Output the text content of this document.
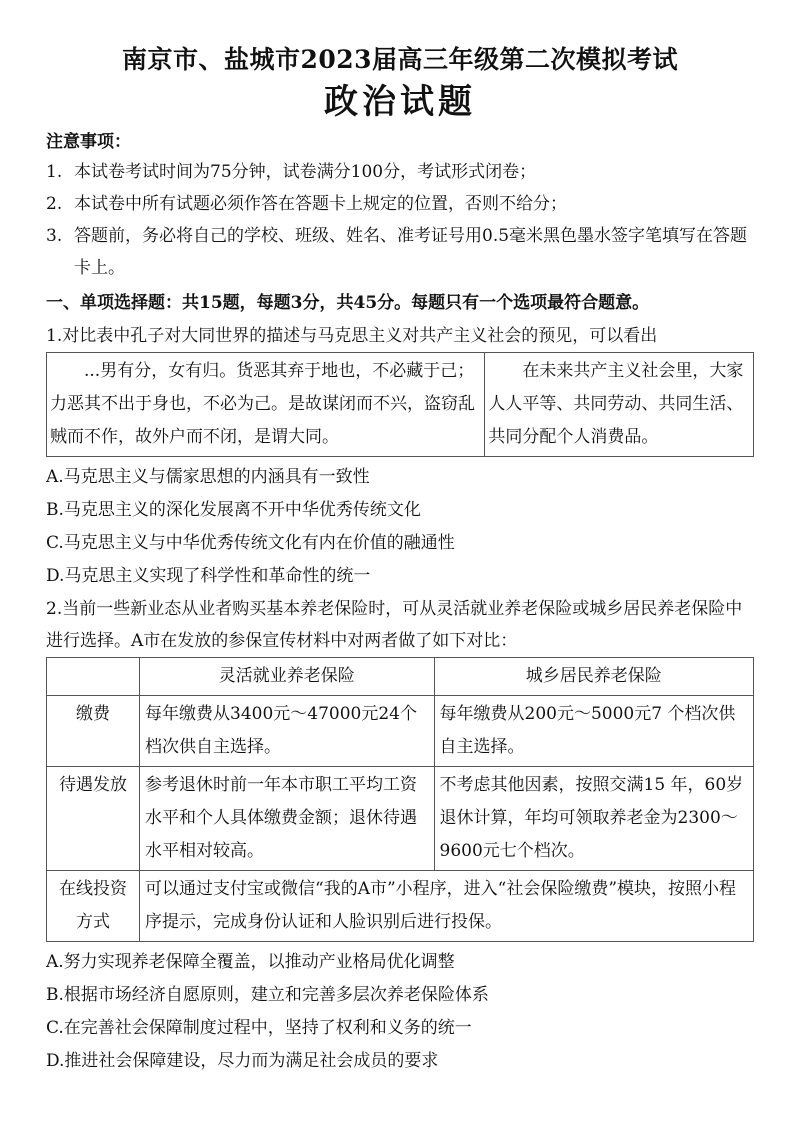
南京市、盐城市2023届高三年级第二次模拟考试
政治试题

注意事项：

1. 本试卷考试时间为75分钟，试卷满分100分，考试形式闭卷；
2. 本试卷中所有试题必须作答在答题卡上规定的位置，否则不给分；
3. 答题前，务必将自己的学校、班级、姓名、准考证号用0.5毫米黑色墨水签字笔填写在答题卡上。

一、单项选择题：共15题，每题3分，共45分。每题只有一个选项最符合题意。

1.对比表中孔子对大同世界的描述与马克思主义对共产主义社会的预见，可以看出

...男有分，女有归。货恶其弃于地也，不必藏于己；力恶其不出于身也，不必为己。是故谋闭而不兴，盗窃乱贼而不作，故外户而不闭，是谓大同。	在未来共产主义社会里，大家人人平等、共同劳动、共同生活、共同分配个人消费品。

A.马克思主义与儒家思想的内涵具有一致性

B.马克思主义的深化发展离不开中华优秀传统文化

C.马克思主义与中华优秀传统文化有内在价值的融通性

D.马克思主义实现了科学性和革命性的统一

2.当前一些新业态从业者购买基本养老保险时，可从灵活就业养老保险或城乡居民养老保险中进行选择。A市在发放的参保宣传材料中对两者做了如下对比：

	灵活就业养老保险	城乡居民养老保险
缴费	每年缴费从3400元～47000元24个档次供自主选择。	每年缴费从200元～5000元7 个档次供自主选择。
待遇发放	参考退休时前一年本市职工平均工资水平和个人具体缴费金额；退休待遇水平相对较高。	不考虑其他因素，按照交满15 年，60岁退休计算，年均可领取养老金为2300～9600元七个档次。
在线投资方式	可以通过支付宝或微信“我的A市”小程序，进入“社会保险缴费”模块，按照小程序提示，完成身份认证和人脸识别后进行投保。	

A.努力实现养老保障全覆盖，以推动产业格局优化调整

B.根据市场经济自愿原则，建立和完善多层次养老保险体系

C.在完善社会保障制度过程中，坚持了权利和义务的统一

D.推进社会保障建设，尽力而为满足社会成员的要求
